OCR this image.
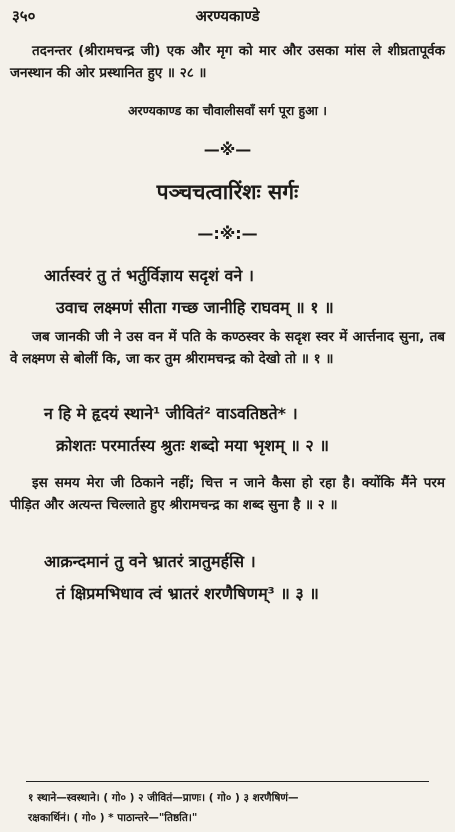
३५०	अरण्यकाण्डे
तदनन्तर (श्रीरामचन्द्र जी) एक और मृग को मार और उसका मांस ले शीघ्रतापूर्वक जनस्थान की ओर प्रस्थानित हुए ॥ २८ ॥
अरण्यकाण्ड का चौवालीसवाँ सर्ग पूरा हुआ ।
—※—
पञ्चचत्वारिंशः सर्गः
—:※:—
आर्तस्वरं तु तं भर्तुर्विज्ञाय सदृशं वने ।
उवाच लक्ष्मणं सीता गच्छ जानीहि राघवम् ॥ १ ॥
जब जानकी जी ने उस वन में पति के कण्ठस्वर के सदृश स्वर में आर्त्तनाद सुना, तब वे लक्ष्मण से बोलीं कि, जा कर तुम श्रीरामचन्द्र को देखो तो ॥ १ ॥
न हि मे हृदयं स्थाने¹ जीवितं² वाऽवतिष्ठते* ।
क्रोशतः परमार्तस्य श्रुतः शब्दो मया भृशम् ॥ २ ॥
इस समय मेरा जी ठिकाने नहीं; चित्त न जाने कैसा हो रहा है। क्योंकि मैंने परम पीड़ित और अत्यन्त चिल्लाते हुए श्रीरामचन्द्र का शब्द सुना है ॥ २ ॥
आक्रन्दमानं तु वने भ्रातरं त्रातुमर्हसि ।
तं क्षिप्रमभिधाव त्वं भ्रातरं शरणैषिणम्³ ॥ ३ ॥
१ स्थाने—स्वस्थाने। ( गो० ) २ जीवितं—प्राणः। ( गो० ) ३ शरणैषिणं—
रक्षकार्थिनं। ( गो० ) * पाठान्तरे—"तिष्ठति।"
